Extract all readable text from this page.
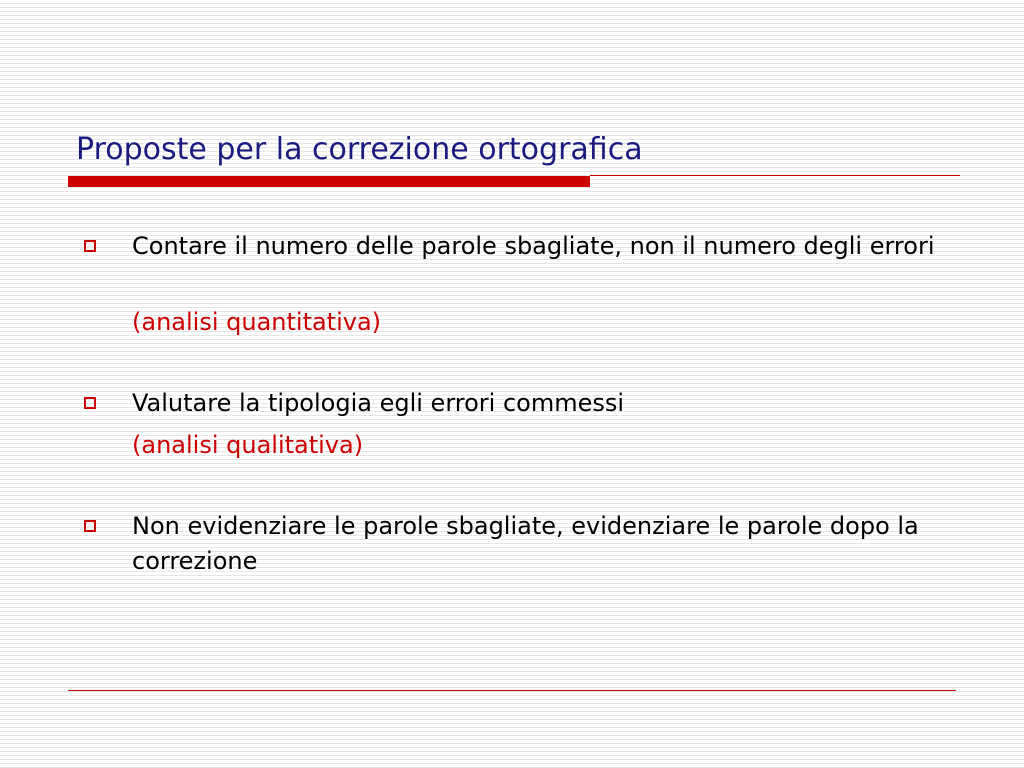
Proposte per la correzione ortografica
Contare il numero delle parole sbagliate, non il numero degli errori
(analisi quantitativa)
Valutare la tipologia egli errori commessi
(analisi qualitativa)
Non evidenziare le parole sbagliate, evidenziare le parole dopo la correzione
